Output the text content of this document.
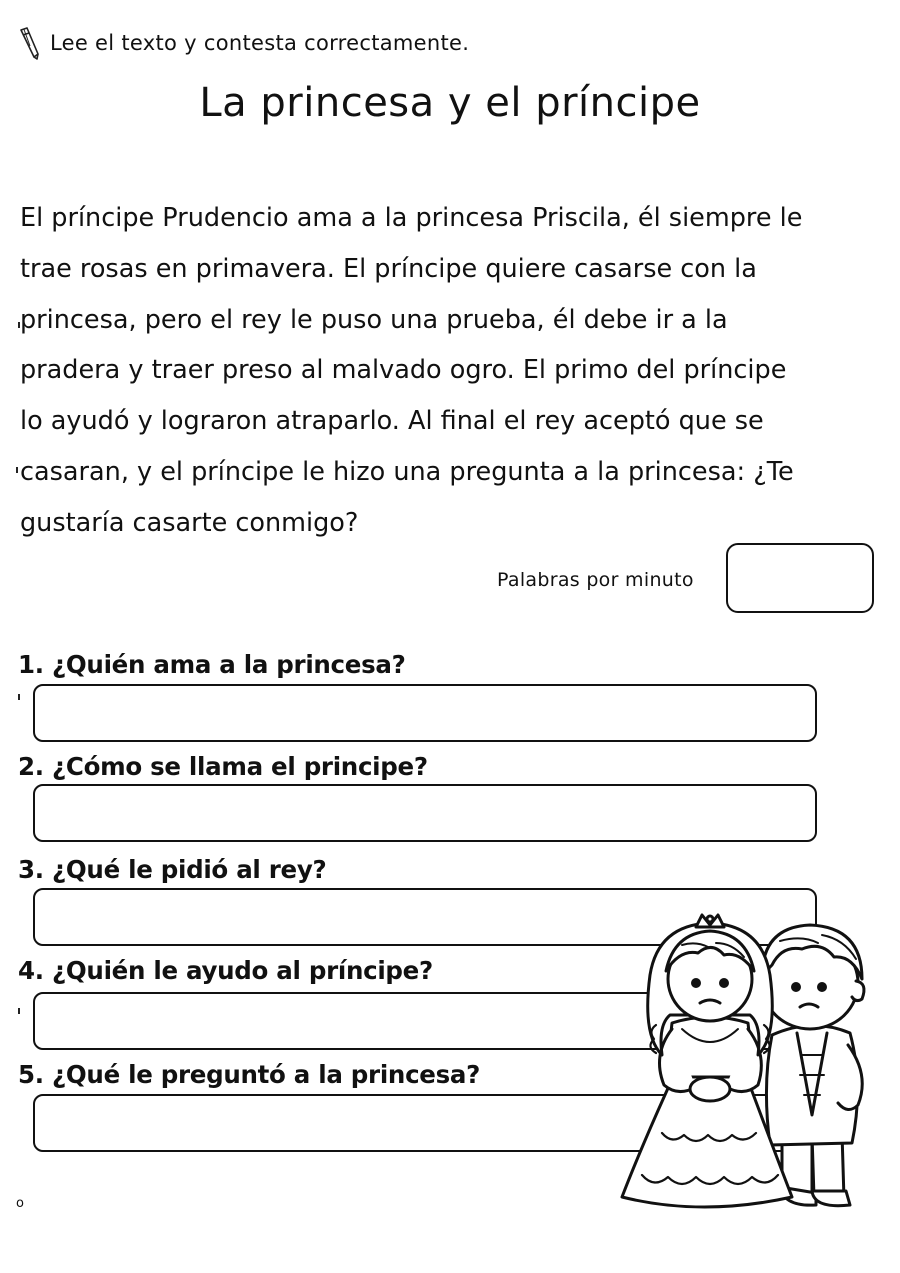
Lee el texto y contesta correctamente.
La princesa y el príncipe

El príncipe Prudencio ama a la princesa Priscila, él siempre le
trae rosas en primavera. El príncipe quiere casarse con la
princesa, pero el rey le puso una prueba, él debe ir a la
pradera y traer preso al malvado ogro. El primo del príncipe
lo ayudó y lograron atraparlo. Al final el rey aceptó que se
casaran, y el príncipe le hizo una pregunta a la princesa: ¿Te
gustaría casarte conmigo?

Palabras por minuto
1. ¿Quién ama a la princesa?
2. ¿Cómo se llama el principe?
3. ¿Qué le pidió al rey?
4. ¿Quién le ayudo al príncipe?
5. ¿Qué le preguntó a la princesa?
o
